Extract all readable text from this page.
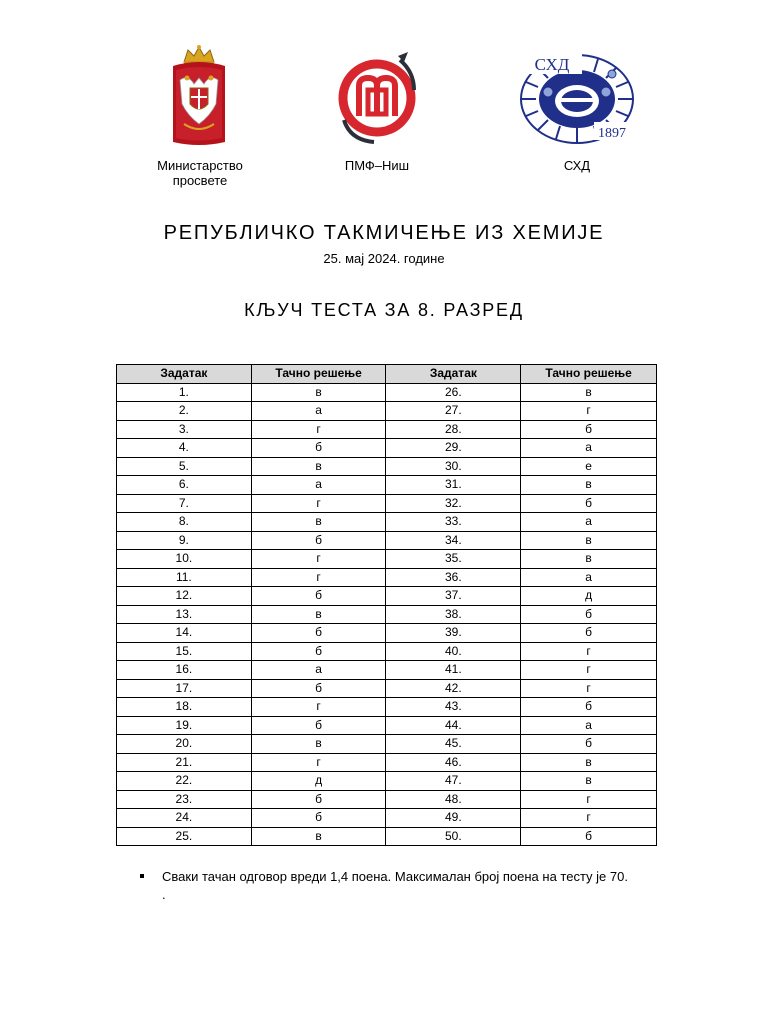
Министарство
просвете
ПМФ–Ниш
СХД
1897
СХД
РЕПУБЛИЧКО ТАКМИЧЕЊЕ ИЗ ХЕМИЈЕ
25. мај 2024. године
КЉУЧ ТЕСТА ЗА 8. РАЗРЕД
Задатак	Тачно решење	Задатак	Тачно решење
1.	в	26.	в
2.	а	27.	г
3.	г	28.	б
4.	б	29.	а
5.	в	30.	е
6.	а	31.	в
7.	г	32.	б
8.	в	33.	а
9.	б	34.	в
10.	г	35.	в
11.	г	36.	а
12.	б	37.	д
13.	в	38.	б
14.	б	39.	б
15.	б	40.	г
16.	а	41.	г
17.	б	42.	г
18.	г	43.	б
19.	б	44.	а
20.	в	45.	б
21.	г	46.	в
22.	д	47.	в
23.	б	48.	г
24.	б	49.	г
25.	в	50.	б
Сваки тачан одговор вреди 1,4 поена. Максималан број поена на тесту је 70.
.
